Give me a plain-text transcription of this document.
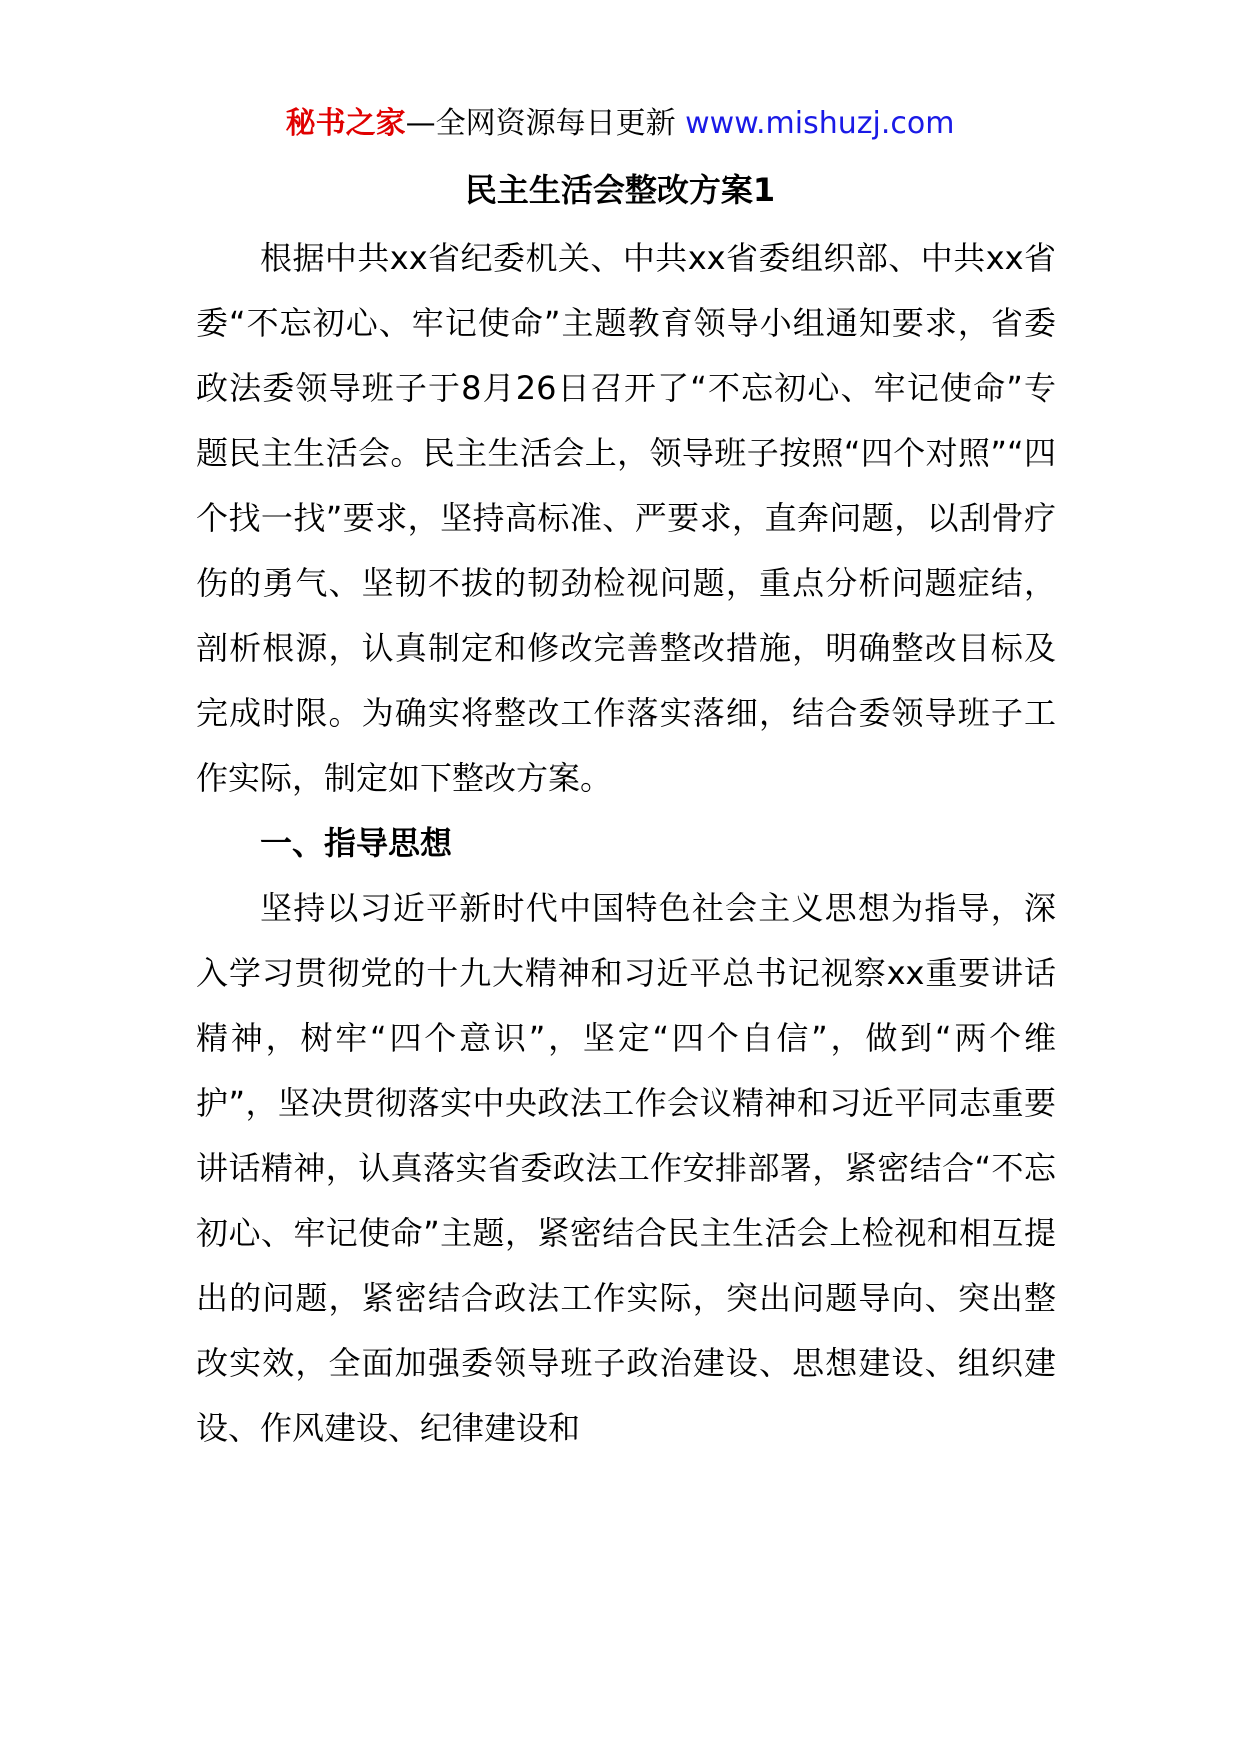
秘书之家—全网资源每日更新 www.mishuzj.com
民主生活会整改方案1

根据中共xx省纪委机关、中共xx省委组织部、中共xx省委“不忘初心、牢记使命”主题教育领导小组通知要求，省委政法委领导班子于8月26日召开了“不忘初心、牢记使命”专题民主生活会。民主生活会上，领导班子按照“四个对照”“四个找一找”要求，坚持高标准、严要求，直奔问题，以刮骨疗伤的勇气、坚韧不拔的韧劲检视问题，重点分析问题症结，剖析根源，认真制定和修改完善整改措施，明确整改目标及完成时限。为确实将整改工作落实落细，结合委领导班子工作实际，制定如下整改方案。

一、指导思想

坚持以习近平新时代中国特色社会主义思想为指导，深入学习贯彻党的十九大精神和习近平总书记视察xx重要讲话精神，树牢“四个意识”，坚定“四个自信”，做到“两个维护”，坚决贯彻落实中央政法工作会议精神和习近平同志重要讲话精神，认真落实省委政法工作安排部署，紧密结合“不忘初心、牢记使命”主题，紧密结合民主生活会上检视和相互提出的问题，紧密结合政法工作实际，突出问题导向、突出整改实效，全面加强委领导班子政治建设、思想建设、组织建设、作风建设、纪律建设和
